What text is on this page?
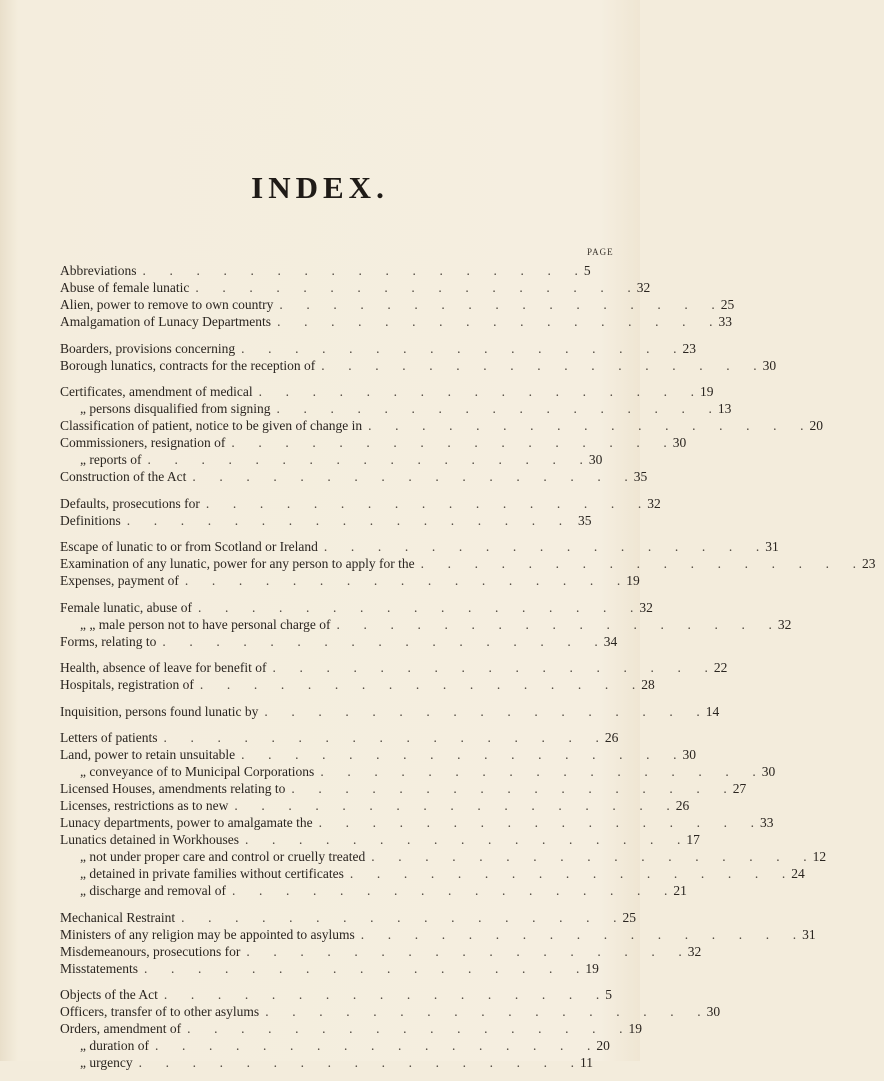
INDEX.
PAGE
Abbreviations .	5
Abuse of female lunatic .	32
Alien, power to remove to own country .	25
Amalgamation of Lunacy Departments .	33
Boarders, provisions concerning .	23
Borough lunatics, contracts for the reception of .	30
Certificates, amendment of medical .	19
„ persons disqualified from signing .	13
Classification of patient, notice to be given of change in .	20
Commissioners, resignation of .	30
„ reports of .	30
Construction of the Act .	35
Defaults, prosecutions for .	32
Definitions .	35
Escape of lunatic to or from Scotland or Ireland .	31
Examination of any lunatic, power for any person to apply for the .	23
Expenses, payment of .	19
Female lunatic, abuse of .	32
„ „ male person not to have personal charge of .	32
Forms, relating to .	34
Health, absence of leave for benefit of .	22
Hospitals, registration of .	28
Inquisition, persons found lunatic by .	14
Letters of patients .	26
Land, power to retain unsuitable .	30
„ conveyance of to Municipal Corporations .	30
Licensed Houses, amendments relating to .	27
Licenses, restrictions as to new .	26
Lunacy departments, power to amalgamate the .	33
Lunatics detained in Workhouses .	17
„ not under proper care and control or cruelly treated .	12
„ detained in private families without certificates .	24
„ discharge and removal of .	21
Mechanical Restraint .	25
Ministers of any religion may be appointed to asylums .	31
Misdemeanours, prosecutions for .	32
Misstatements .	19
Objects of the Act .	5
Officers, transfer of to other asylums .	30
Orders, amendment of .	19
„ duration of .	20
„ urgency .	11
